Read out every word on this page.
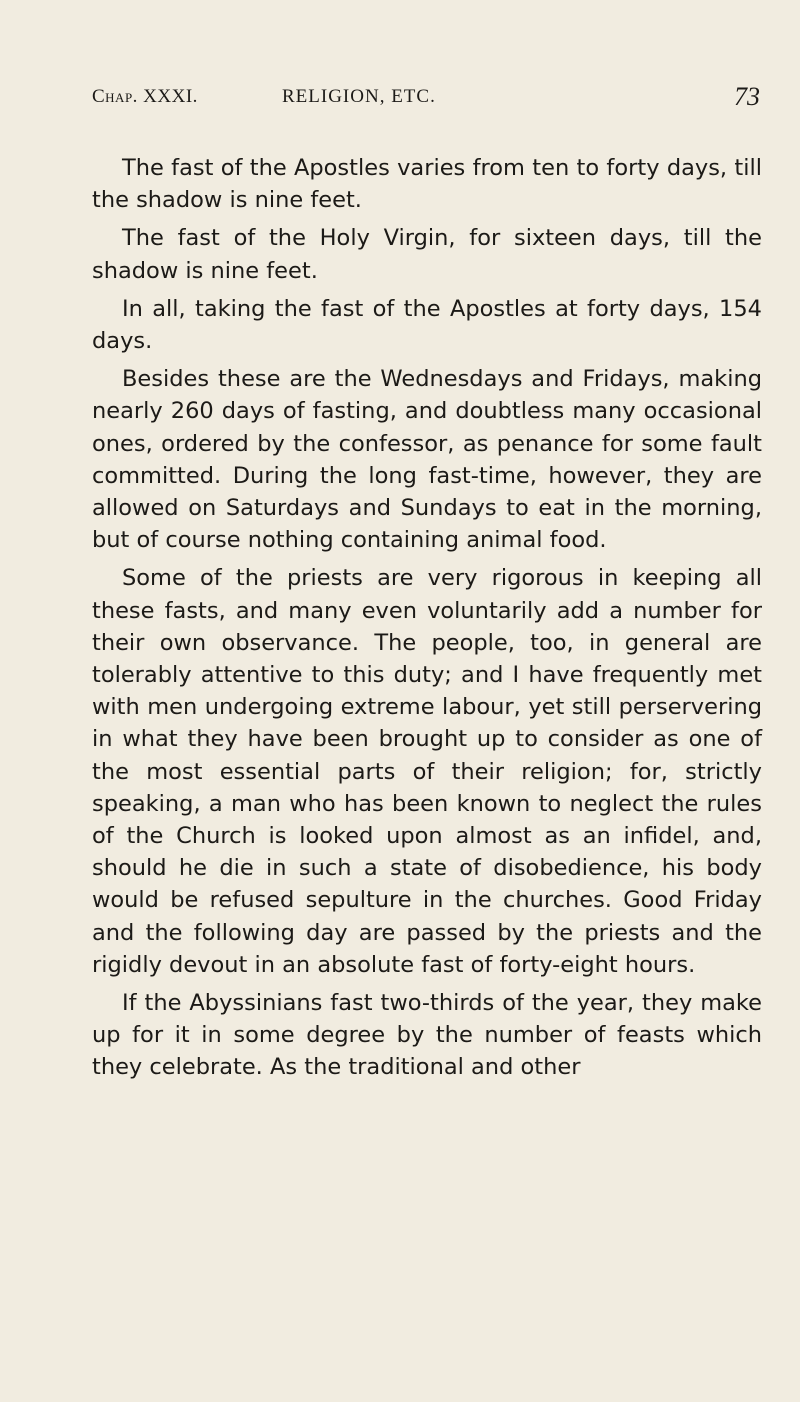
Chap. XXXI.	RELIGION, ETC.	73

The fast of the Apostles varies from ten to forty days, till the shadow is nine feet.

The fast of the Holy Virgin, for sixteen days, till the shadow is nine feet.

In all, taking the fast of the Apostles at forty days, 154 days.

Besides these are the Wednesdays and Fridays, making nearly 260 days of fasting, and doubtless many occasional ones, ordered by the confessor, as penance for some fault committed. During the long fast-time, however, they are allowed on Saturdays and Sundays to eat in the morning, but of course nothing containing animal food.

Some of the priests are very rigorous in keeping all these fasts, and many even voluntarily add a number for their own observance. The people, too, in general are tolerably attentive to this duty; and I have frequently met with men undergoing extreme labour, yet still perservering in what they have been brought up to consider as one of the most essential parts of their religion; for, strictly speaking, a man who has been known to neglect the rules of the Church is looked upon almost as an infidel, and, should he die in such a state of disobedience, his body would be refused sepulture in the churches. Good Friday and the following day are passed by the priests and the rigidly devout in an absolute fast of forty-eight hours.

If the Abyssinians fast two-thirds of the year, they make up for it in some degree by the number of feasts which they celebrate. As the traditional and other
